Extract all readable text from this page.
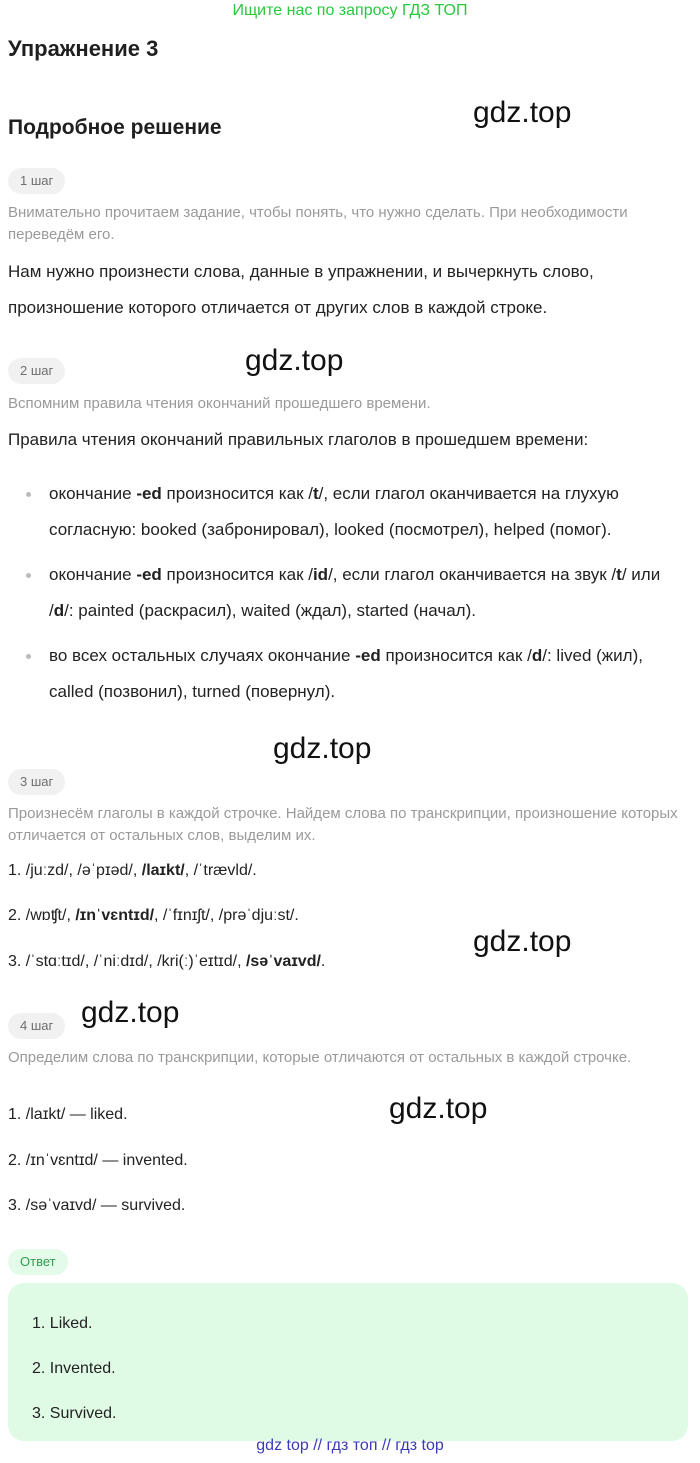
Ищите нас по запросу ГДЗ ТОП
Упражнение 3
gdz.top
Подробное решение
1 шаг
Внимательно прочитаем задание, чтобы понять, что нужно сделать. При необходимости переведём его.
Нам нужно произнести слова, данные в упражнении, и вычеркнуть слово, произношение которого отличается от других слов в каждой строке.
2 шаг	gdz.top
Вспомним правила чтения окончаний прошедшего времени.
Правила чтения окончаний правильных глаголов в прошедшем времени:
окончание -ed произносится как /t/, если глагол оканчивается на глухую согласную: booked (забронировал), looked (посмотрел), helped (помог).
окончание -ed произносится как /id/, если глагол оканчивается на звук /t/ или /d/: painted (раскрасил), waited (ждал), started (начал).
во всех остальных случаях окончание -ed произносится как /d/: lived (жил), called (позвонил), turned (повернул).
gdz.top
3 шаг
Произнесём глаголы в каждой строчке. Найдем слова по транскрипции, произношение которых отличается от остальных слов, выделим их.
1. /juːzd/, /əˈpɪəd/, /laɪkt/, /ˈtrævld/.
2. /wɒʧt/, /ɪnˈvɛntɪd/, /ˈfɪnɪʃt/, /prəˈdjuːst/.
gdz.top
3. /ˈstɑːtɪd/, /ˈniːdɪd/, /kri(ː)ˈeɪtɪd/, /səˈvaɪvd/.
4 шаг gdz.top
Определим слова по транскрипции, которые отличаются от остальных в каждой строчке.
1. /laɪkt/ — liked.	gdz.top
2. /ɪnˈvɛntɪd/ — invented.
3. /səˈvaɪvd/ — survived.
Ответ
1. Liked.
2. Invented.
3. Survived.
gdz top // гдз топ // гдз top
